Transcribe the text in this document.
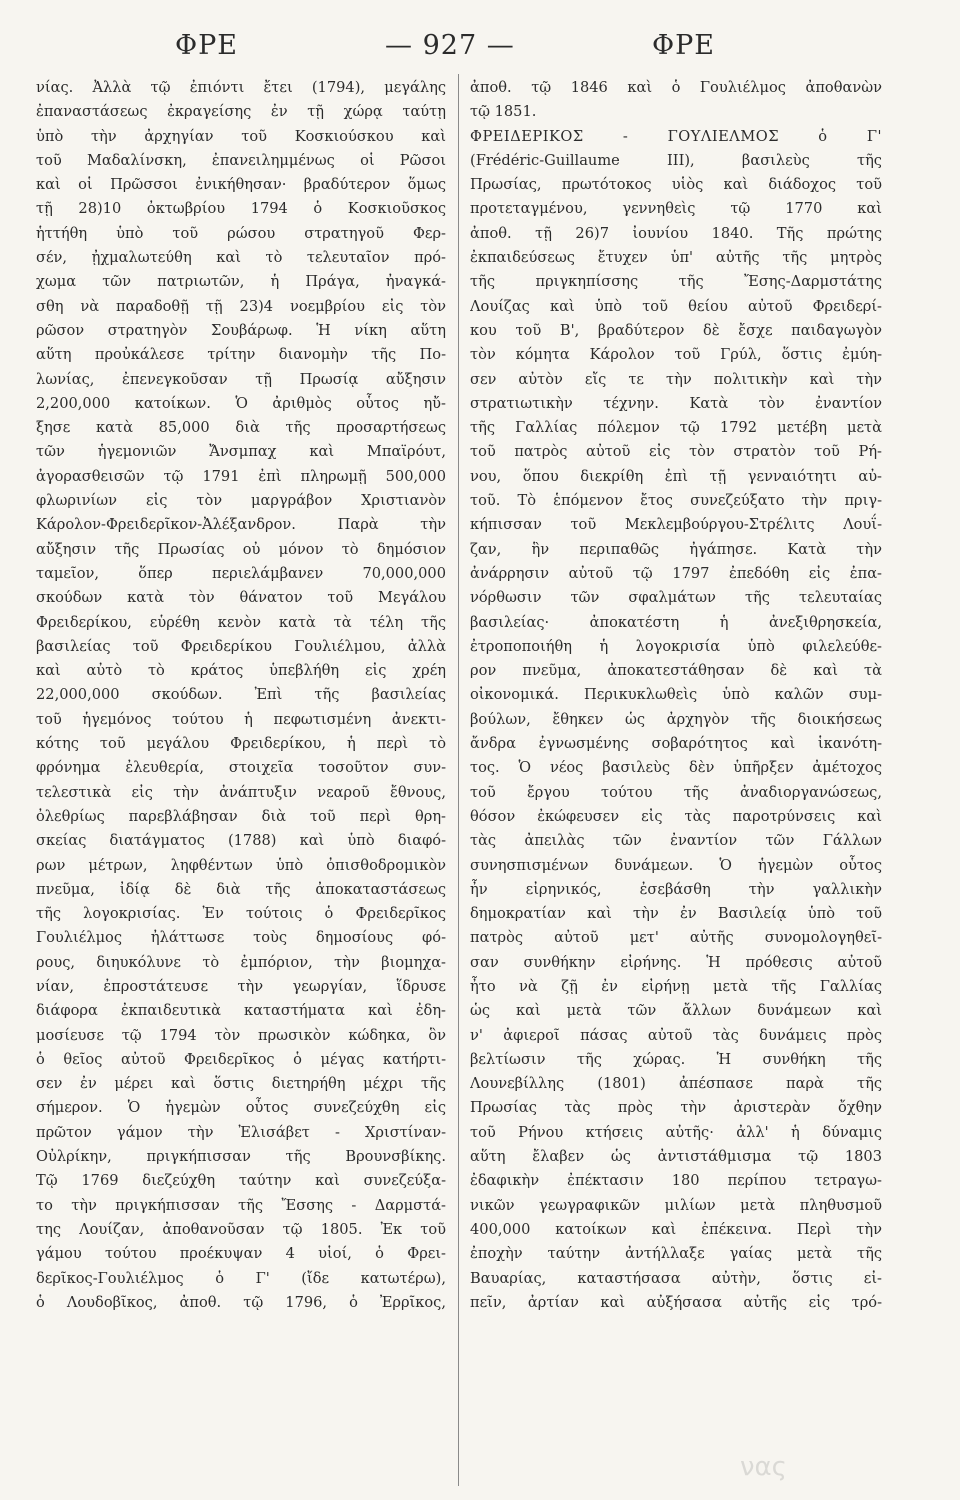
ΦΡΕ	— 927 —	ΦΡΕ
νίας. Ἀλλὰ τῷ ἐπιόντι ἔτει (1794), μεγάλης
ἐπαναστάσεως ἐκραγείσης ἐν τῇ χώρᾳ ταύτῃ
ὑπὸ τὴν ἀρχηγίαν τοῦ Κοσκιούσκου καὶ
τοῦ Μαδαλίνσκη, ἐπανειλημμένως οἱ Ρῶσοι
καὶ οἱ Πρῶσσοι ἐνικήθησαν· βραδύτερον ὅμως
τῇ 28)10 ὀκτωβρίου 1794 ὁ Κοσκιοῦσκος
ἡττήθη ὑπὸ τοῦ ρώσου στρατηγοῦ Φερ-
σέν, ᾐχμαλωτεύθη καὶ τὸ τελευταῖον πρό-
χωμα τῶν πατριωτῶν, ἡ Πράγα, ἠναγκά-
σθη νὰ παραδοθῇ τῇ 23)4 νοεμβρίου εἰς τὸν
ρῶσον στρατηγὸν Σουβάρωφ. Ἡ νίκη αὕτη
αὕτη προὐκάλεσε τρίτην διανομὴν τῆς Πο-
λωνίας, ἐπενεγκοῦσαν τῇ Πρωσίᾳ αὔξησιν
2,200,000 κατοίκων. Ὁ ἀριθμὸς οὗτος ηὔ-
ξησε κατὰ 85,000 διὰ τῆς προσαρτήσεως
τῶν ἡγεμονιῶν Ἄνσμπαχ καὶ Μπαϊρόυτ,
ἀγορασθεισῶν τῷ 1791 ἐπὶ πληρωμῇ 500,000
φλωρινίων εἰς τὸν μαργράβον Χριστιανὸν
Κάρολον-Φρειδερῖκον-Ἀλέξανδρον. Παρὰ τὴν
αὔξησιν τῆς Πρωσίας οὐ μόνον τὸ δημόσιον
ταμεῖον, ὅπερ περιελάμβανεν 70,000,000
σκούδων κατὰ τὸν θάνατον τοῦ Μεγάλου
Φρειδερίκου, εὑρέθη κενὸν κατὰ τὰ τέλη τῆς
βασιλείας τοῦ Φρειδερίκου Γουλιέλμου, ἀλλὰ
καὶ αὐτὸ τὸ κράτος ὑπεβλήθη εἰς χρέη
22,000,000 σκούδων. Ἐπὶ τῆς βασιλείας
τοῦ ἡγεμόνος τούτου ἡ πεφωτισμένη ἀνεκτι-
κότης τοῦ μεγάλου Φρειδερίκου, ἡ περὶ τὸ
φρόνημα ἐλευθερία, στοιχεῖα τοσοῦτον συν-
τελεστικὰ εἰς τὴν ἀνάπτυξιν νεαροῦ ἔθνους,
ὀλεθρίως παρεβλάβησαν διὰ τοῦ περὶ θρη-
σκείας διατάγματος (1788) καὶ ὑπὸ διαφό-
ρων μέτρων, ληφθέντων ὑπὸ ὀπισθοδρομικὸν
πνεῦμα, ἰδίᾳ δὲ διὰ τῆς ἀποκαταστάσεως
τῆς λογοκρισίας. Ἐν τούτοις ὁ Φρειδερῖκος
Γουλιέλμος ἠλάττωσε τοὺς δημοσίους φό-
ρους, διηυκόλυνε τὸ ἐμπόριον, τὴν βιομηχα-
νίαν, ἐπροστάτευσε τὴν γεωργίαν, ἵδρυσε
διάφορα ἐκπαιδευτικὰ καταστήματα καὶ ἐδη-
μοσίευσε τῷ 1794 τὸν πρωσικὸν κώδηκα, ὃν
ὁ θεῖος αὐτοῦ Φρειδερῖκος ὁ μέγας κατήρτι-
σεν ἐν μέρει καὶ ὅστις διετηρήθη μέχρι τῆς
σήμερον. Ὁ ἡγεμὼν οὗτος συνεζεύχθη εἰς
πρῶτον γάμον τὴν Ἐλισάβετ - Χριστίναν-
Οὐλρίκην, πριγκήπισσαν τῆς Βρουνσβίκης.
Τῷ 1769 διεζεύχθη ταύτην καὶ συνεζεύξα-
το τὴν πριγκήπισσαν τῆς Ἔσσης - Δαρμστά-
της Λουίζαν, ἀποθανοῦσαν τῷ 1805. Ἐκ τοῦ
γάμου τούτου προέκυψαν 4 υἱοί, ὁ Φρει-
δερῖκος-Γουλιέλμος ὁ Γ' (ἴδε κατωτέρω),
ὁ Λουδοβῖκος, ἀποθ. τῷ 1796, ὁ Ἐρρῖκος,
ἀποθ. τῷ 1846 καὶ ὁ Γουλιέλμος ἀποθανὼν
τῷ 1851.
ΦΡΕΙΔΕΡΙΚΟΣ - ΓΟΥΛΙΕΛΜΟΣ ὁ Γ'
(Frédéric-Guillaume III), βασιλεὺς τῆς
Πρωσίας, πρωτότοκος υἱὸς καὶ διάδοχος τοῦ
προτεταγμένου, γεννηθεὶς τῷ 1770 καὶ
ἀποθ. τῇ 26)7 ἰουνίου 1840. Τῆς πρώτης
ἐκπαιδεύσεως ἔτυχεν ὑπ' αὐτῆς τῆς μητρὸς
τῆς πριγκηπίσσης τῆς Ἔσης-Δαρμστάτης
Λουίζας καὶ ὑπὸ τοῦ θείου αὐτοῦ Φρειδερί-
κου τοῦ Β', βραδύτερον δὲ ἔσχε παιδαγωγὸν
τὸν κόμητα Κάρολον τοῦ Γρύλ, ὅστις ἐμύη-
σεν αὐτὸν εἴς τε τὴν πολιτικὴν καὶ τὴν
στρατιωτικὴν τέχνην. Κατὰ τὸν ἐναντίον
τῆς Γαλλίας πόλεμον τῷ 1792 μετέβη μετὰ
τοῦ πατρὸς αὐτοῦ εἰς τὸν στρατὸν τοῦ Ρή-
νου, ὅπου διεκρίθη ἐπὶ τῇ γενναιότητι αὐ-
τοῦ. Τὸ ἑπόμενον ἔτος συνεζεύξατο τὴν πριγ-
κήπισσαν τοῦ Μεκλεμβούργου-Στρέλιτς Λουΐ-
ζαν, ἣν περιπαθῶς ἠγάπησε. Κατὰ τὴν
ἀνάρρησιν αὐτοῦ τῷ 1797 ἐπεδόθη εἰς ἐπα-
νόρθωσιν τῶν σφαλμάτων τῆς τελευταίας
βασιλείας· ἀποκατέστη ἡ ἀνεξιθρησκεία,
ἐτροποποιήθη ἡ λογοκρισία ὑπὸ φιλελεύθε-
ρον πνεῦμα, ἀποκατεστάθησαν δὲ καὶ τὰ
οἰκονομικά. Περικυκλωθεὶς ὑπὸ καλῶν συμ-
βούλων, ἔθηκεν ὡς ἀρχηγὸν τῆς διοικήσεως
ἄνδρα ἐγνωσμένης σοβαρότητος καὶ ἱκανότη-
τος. Ὁ νέος βασιλεὺς δὲν ὑπῆρξεν ἀμέτοχος
τοῦ ἔργου τούτου τῆς ἀναδιοργανώσεως,
θόσον ἐκώφευσεν εἰς τὰς παροτρύνσεις καὶ
τὰς ἀπειλὰς τῶν ἐναντίον τῶν Γάλλων
συνησπισμένων δυνάμεων. Ὁ ἡγεμὼν οὗτος
ἦν εἰρηνικός, ἐσεβάσθη τὴν γαλλικὴν
δημοκρατίαν καὶ τὴν ἐν Βασιλείᾳ ὑπὸ τοῦ
πατρὸς αὐτοῦ μετ' αὐτῆς συνομολογηθεῖ-
σαν συνθήκην εἰρήνης. Ἡ πρόθεσις αὐτοῦ
ἦτο νὰ ζῇ ἐν εἰρήνῃ μετὰ τῆς Γαλλίας
ὡς καὶ μετὰ τῶν ἄλλων δυνάμεων καὶ
ν' ἀφιεροῖ πάσας αὐτοῦ τὰς δυνάμεις πρὸς
βελτίωσιν τῆς χώρας. Ἡ συνθήκη τῆς
Λουνεβίλλης (1801) ἀπέσπασε παρὰ τῆς
Πρωσίας τὰς πρὸς τὴν ἀριστερὰν ὄχθην
τοῦ Ρήνου κτήσεις αὐτῆς· ἀλλ' ἡ δύναμις
αὕτη ἔλαβεν ὡς ἀντιστάθμισμα τῷ 1803
ἐδαφικὴν ἐπέκτασιν 180 περίπου τετραγω-
νικῶν γεωγραφικῶν μιλίων μετὰ πληθυσμοῦ
400,000 κατοίκων καὶ ἐπέκεινα. Περὶ τὴν
ἐποχὴν ταύτην ἀντήλλαξε γαίας μετὰ τῆς
Βαυαρίας, καταστήσασα αὐτὴν, ὅστις εἰ-
πεῖν, ἀρτίαν καὶ αὐξήσασα αὐτῆς εἰς τρό-
νας
